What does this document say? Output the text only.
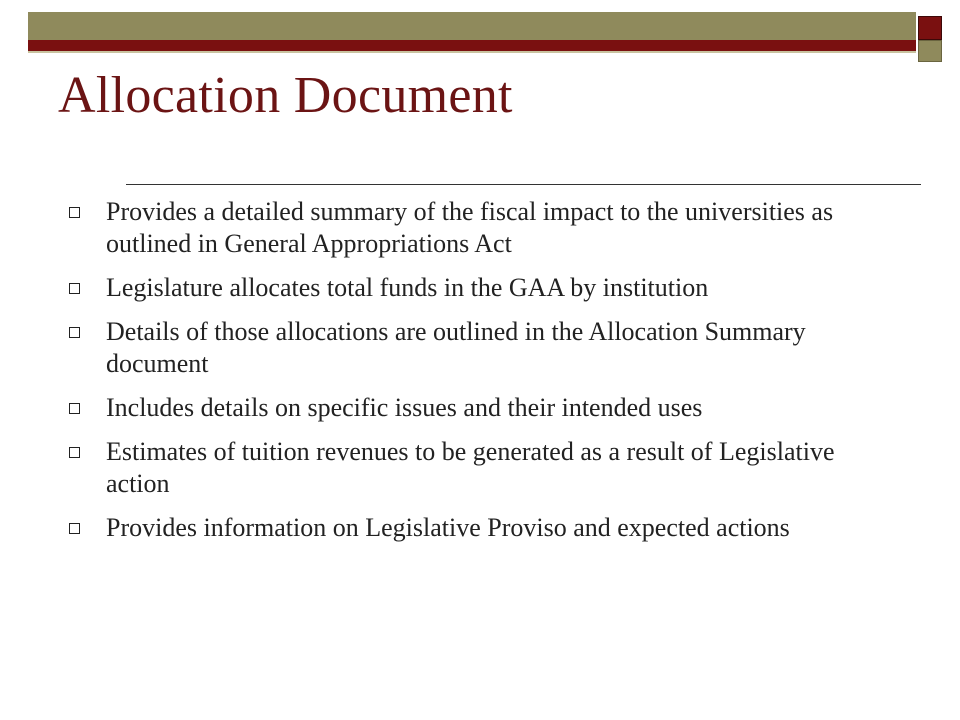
Allocation Document
Provides a detailed summary of the fiscal impact to the universities as outlined in General Appropriations Act
Legislature allocates total funds in the GAA by institution
Details of those allocations are outlined in the Allocation Summary document
Includes details on specific issues and their intended uses
Estimates of tuition revenues to be generated as a result of Legislative action
Provides information on Legislative Proviso and expected actions
